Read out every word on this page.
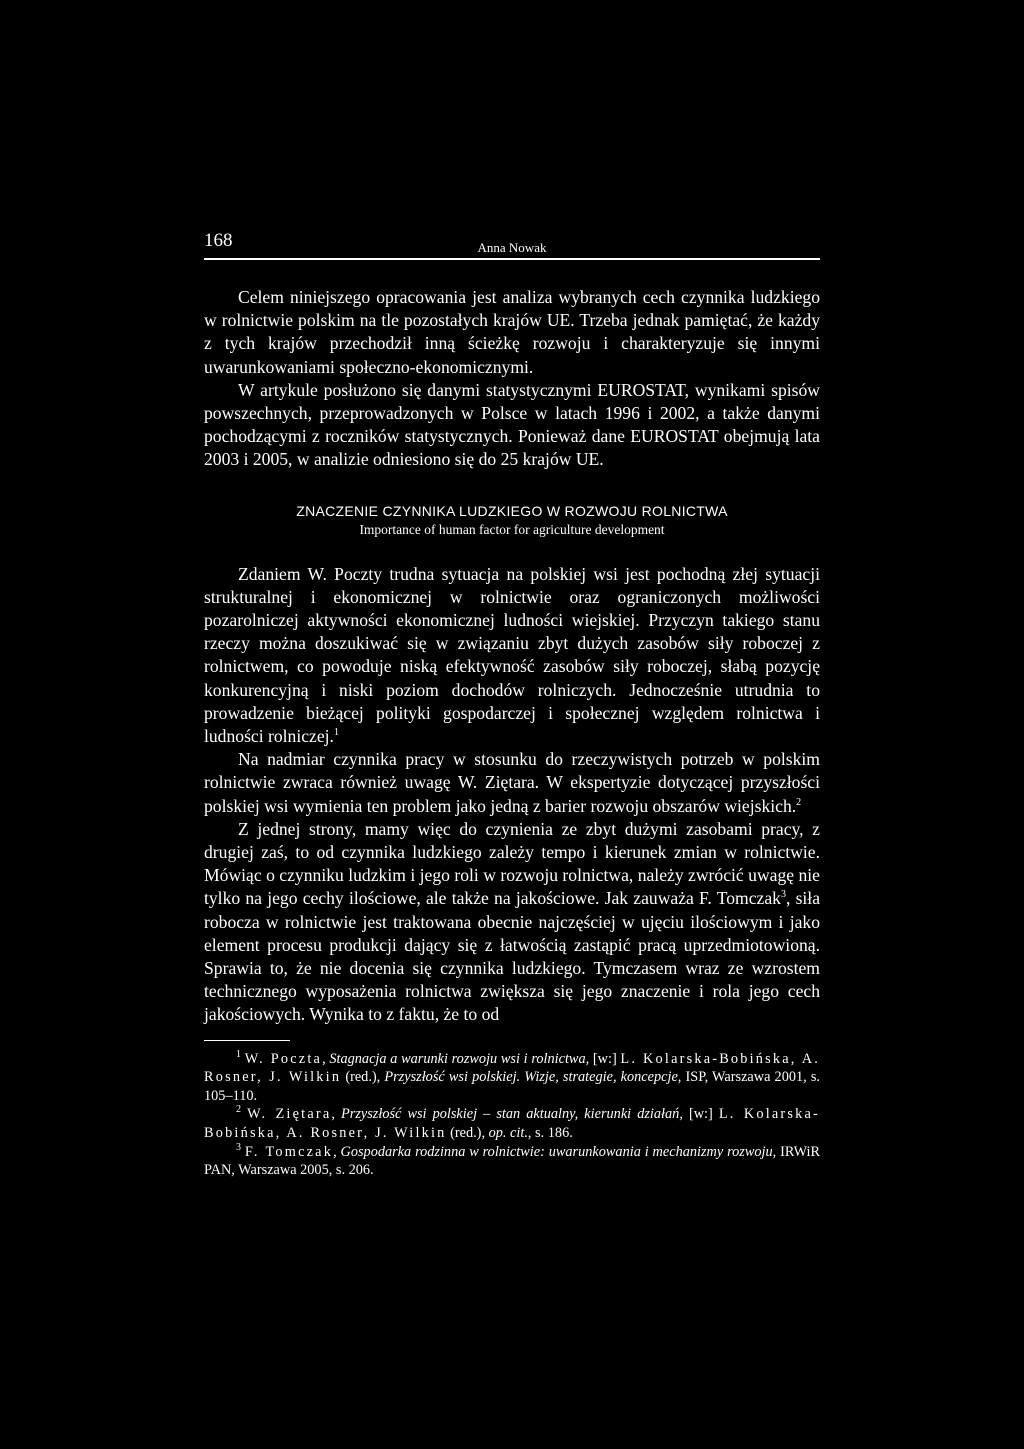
168	Anna Nowak

Celem niniejszego opracowania jest analiza wybranych cech czynnika ludzkiego w rolnictwie polskim na tle pozostałych krajów UE. Trzeba jednak pamiętać, że każdy z tych krajów przechodził inną ścieżkę rozwoju i charakteryzuje się innymi uwarunkowaniami społeczno-ekonomicznymi.

W artykule posłużono się danymi statystycznymi EUROSTAT, wynikami spisów powszechnych, przeprowadzonych w Polsce w latach 1996 i 2002, a także danymi pochodzącymi z roczników statystycznych. Ponieważ dane EUROSTAT obejmują lata 2003 i 2005, w analizie odniesiono się do 25 krajów UE.

ZNACZENIE CZYNNIKA LUDZKIEGO W ROZWOJU ROLNICTWA
Importance of human factor for agriculture development

Zdaniem W. Poczty trudna sytuacja na polskiej wsi jest pochodną złej sytuacji strukturalnej i ekonomicznej w rolnictwie oraz ograniczonych możliwości pozarolniczej aktywności ekonomicznej ludności wiejskiej. Przyczyn takiego stanu rzeczy można doszukiwać się w związaniu zbyt dużych zasobów siły roboczej z rolnictwem, co powoduje niską efektywność zasobów siły roboczej, słabą pozycję konkurencyjną i niski poziom dochodów rolniczych. Jednocześnie utrudnia to prowadzenie bieżącej polityki gospodarczej i społecznej względem rolnictwa i ludności rolniczej.$^1$

Na nadmiar czynnika pracy w stosunku do rzeczywistych potrzeb w polskim rolnictwie zwraca również uwagę W. Ziętara. W ekspertyzie dotyczącej przyszłości polskiej wsi wymienia ten problem jako jedną z barier rozwoju obszarów wiejskich.$^2$

Z jednej strony, mamy więc do czynienia ze zbyt dużymi zasobami pracy, z drugiej zaś, to od czynnika ludzkiego zależy tempo i kierunek zmian w rolnictwie. Mówiąc o czynniku ludzkim i jego roli w rozwoju rolnictwa, należy zwrócić uwagę nie tylko na jego cechy ilościowe, ale także na jakościowe. Jak zauważa F. Tomczak$^3$, siła robocza w rolnictwie jest traktowana obecnie najczęściej w ujęciu ilościowym i jako element procesu produkcji dający się z łatwością zastąpić pracą uprzedmiotowioną. Sprawia to, że nie docenia się czynnika ludzkiego. Tymczasem wraz ze wzrostem technicznego wyposażenia rolnictwa zwiększa się jego znaczenie i rola jego cech jakościowych. Wynika to z faktu, że to od

$^1$ W. Poczta, Stagnacja a warunki rozwoju wsi i rolnictwa, [w:] L. Kolarska-Bobińska, A. Rosner, J. Wilkin (red.), Przyszłość wsi polskiej. Wizje, strategie, koncepcje, ISP, Warszawa 2001, s. 105–110.

$^2$ W. Ziętara, Przyszłość wsi polskiej – stan aktualny, kierunki działań, [w:] L. Kolarska-Bobińska, A. Rosner, J. Wilkin (red.), op. cit., s. 186.

$^3$ F. Tomczak, Gospodarka rodzinna w rolnictwie: uwarunkowania i mechanizmy rozwoju, IRWiR PAN, Warszawa 2005, s. 206.
